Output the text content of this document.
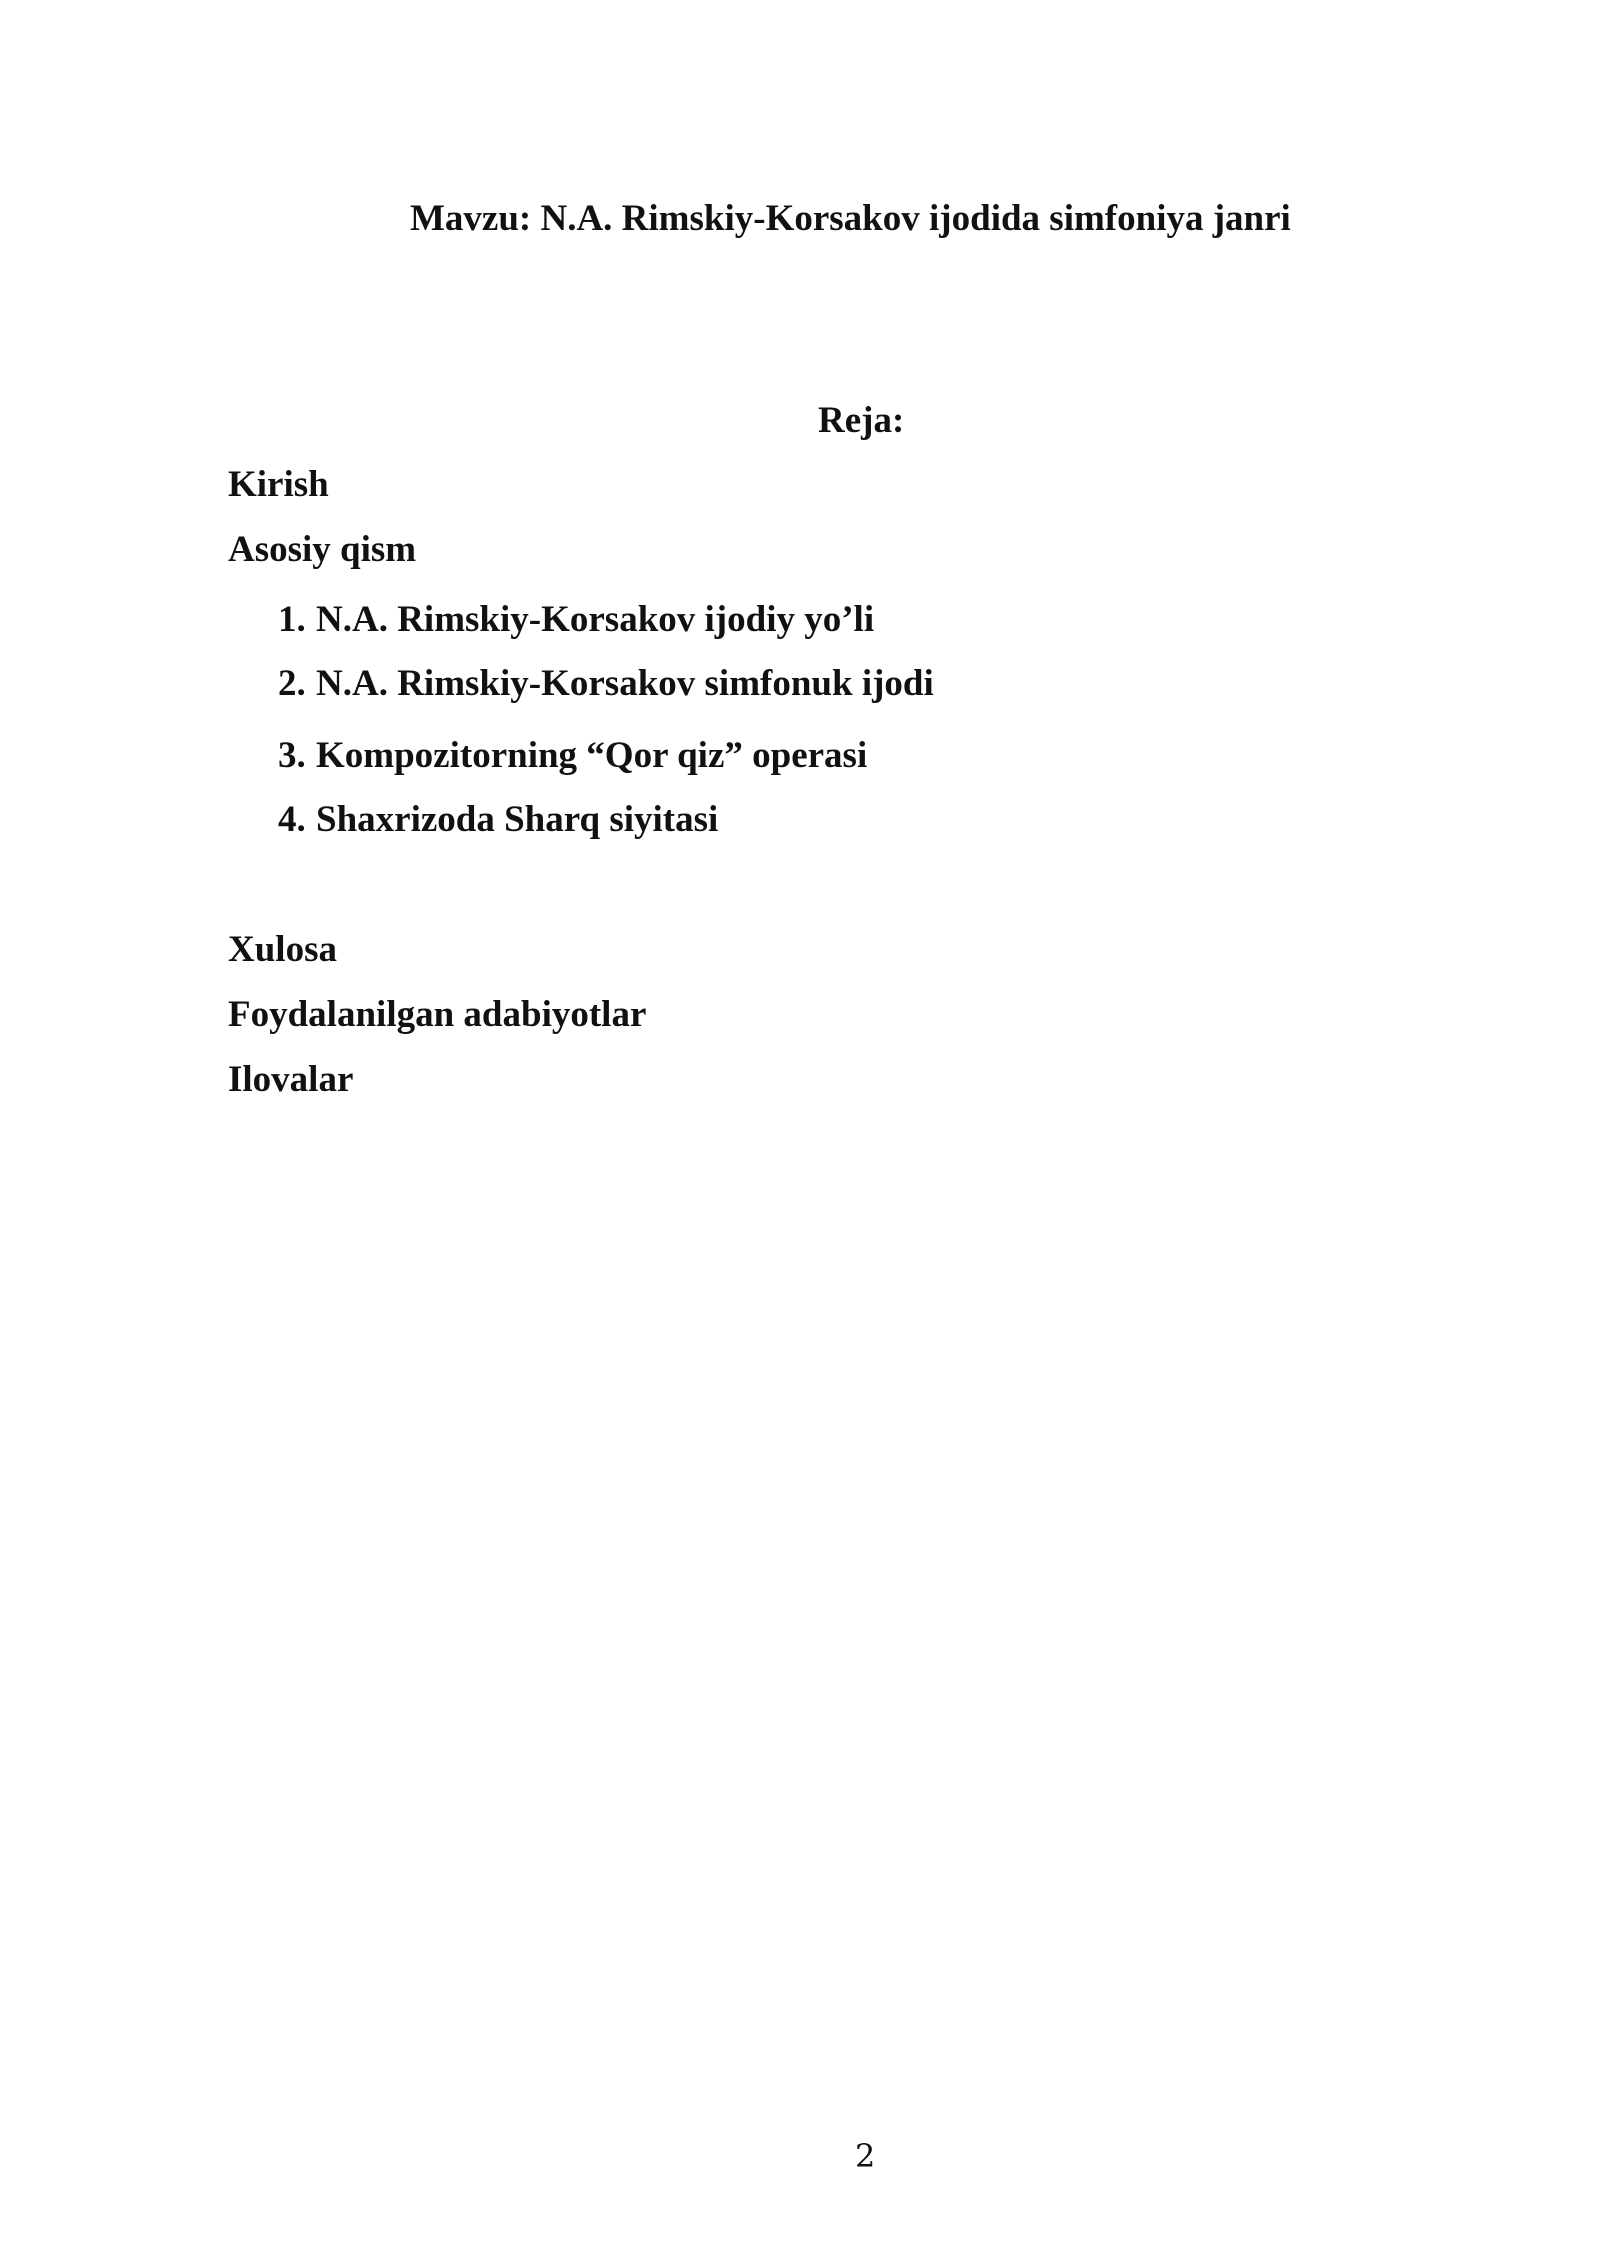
Mavzu: N.A. Rimskiy-Korsakov ijodida simfoniya janri
Reja:
Kirish
Asosiy qism
1. N.A. Rimskiy-Korsakov ijodiy yo’li
2. N.A. Rimskiy-Korsakov simfonuk ijodi
3. Kompozitorning “Qor qiz” operasi
4. Shaxrizoda Sharq siyitasi
Xulosa
Foydalanilgan adabiyotlar
Ilovalar
2
